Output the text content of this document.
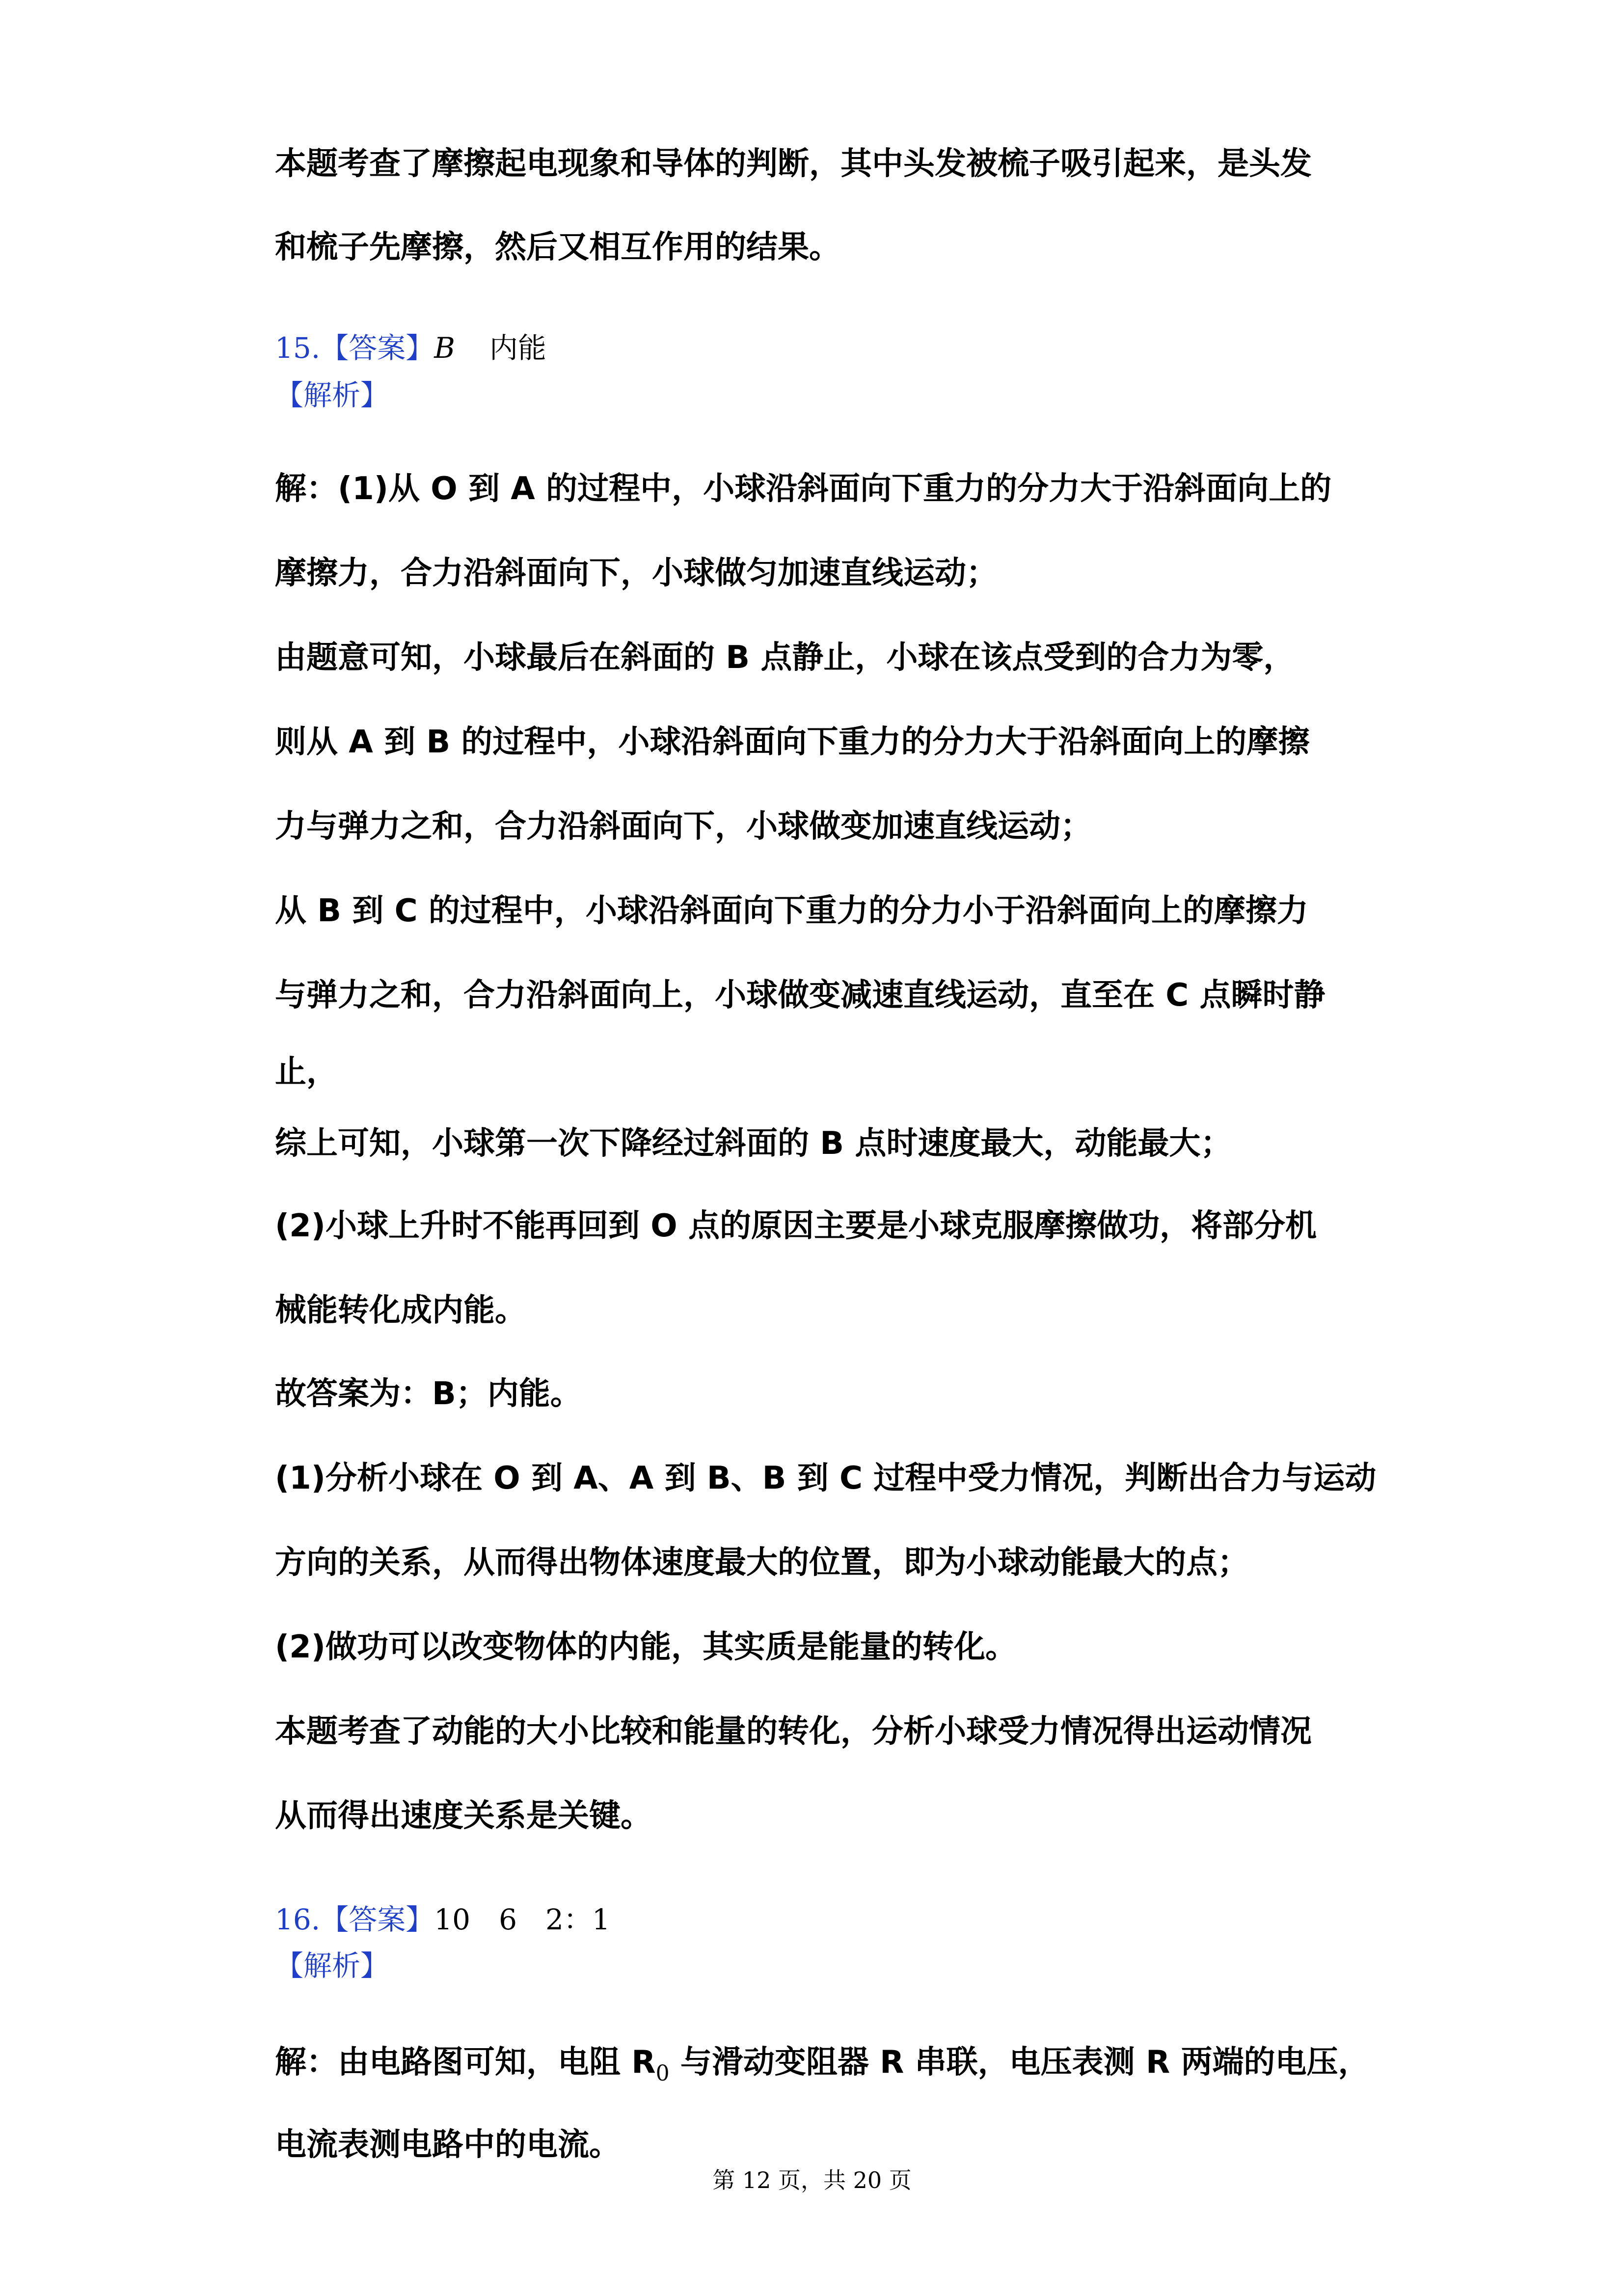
本题考查了摩擦起电现象和导体的判断，其中头发被梳子吸引起来，是头发
和梳子先摩擦，然后又相互作用的结果。
15.【答案】B 内能
【解析】
解：(1)从 O 到 A 的过程中，小球沿斜面向下重力的分力大于沿斜面向上的
摩擦力，合力沿斜面向下，小球做匀加速直线运动；
由题意可知，小球最后在斜面的 B 点静止，小球在该点受到的合力为零，
则从 A 到 B 的过程中，小球沿斜面向下重力的分力大于沿斜面向上的摩擦
力与弹力之和，合力沿斜面向下，小球做变加速直线运动；
从 B 到 C 的过程中，小球沿斜面向下重力的分力小于沿斜面向上的摩擦力
与弹力之和，合力沿斜面向上，小球做变减速直线运动，直至在 C 点瞬时静
止，
综上可知，小球第一次下降经过斜面的 B 点时速度最大，动能最大；
(2)小球上升时不能再回到 O 点的原因主要是小球克服摩擦做功，将部分机
械能转化成内能。
故答案为：B；内能。
(1)分析小球在 O 到 A、A 到 B、B 到 C 过程中受力情况，判断出合力与运动
方向的关系，从而得出物体速度最大的位置，即为小球动能最大的点；
(2)做功可以改变物体的内能，其实质是能量的转化。
本题考查了动能的大小比较和能量的转化，分析小球受力情况得出运动情况
从而得出速度关系是关键。
16.【答案】10　6　2：1
【解析】
解：由电路图可知，电阻 $R_0$ 与滑动变阻器 R 串联，电压表测 R 两端的电压，
电流表测电路中的电流。
第 12 页，共 20 页
